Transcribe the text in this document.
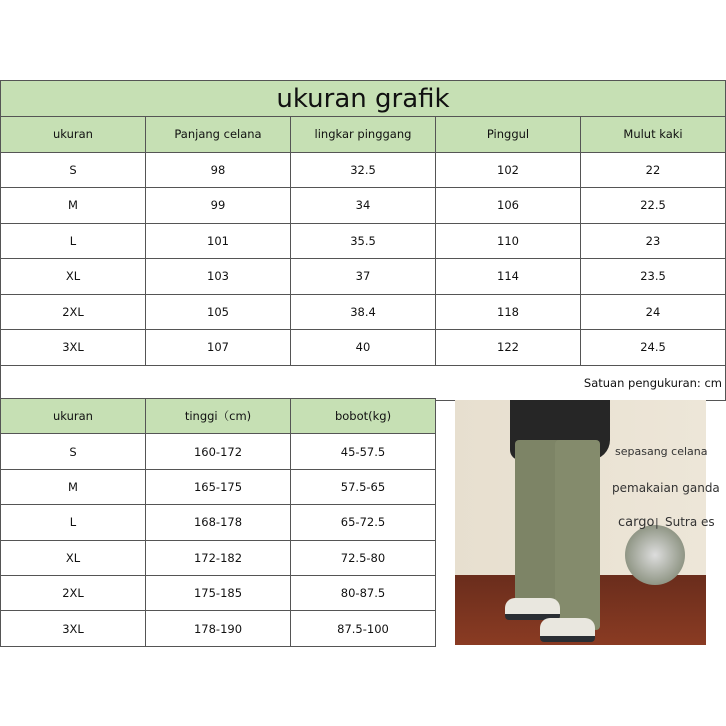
ukuran grafik				
ukuran	Panjang celana	lingkar pinggang	Pinggul	Mulut kaki
S	98	32.5	102	22
M	99	34	106	22.5
L	101	35.5	110	23
XL	103	37	114	23.5
2XL	105	38.4	118	24
3XL	107	40	122	24.5
Satuan pengukuran: cm				
ukuran	tinggi（cm)	bobot(kg)
S	160-172	45-57.5
M	165-175	57.5-65
L	168-178	65-72.5
XL	172-182	72.5-80
2XL	175-185	80-87.5
3XL	178-190	87.5-100
sepasang celana
pemakaian ganda
cargo | Sutra es
